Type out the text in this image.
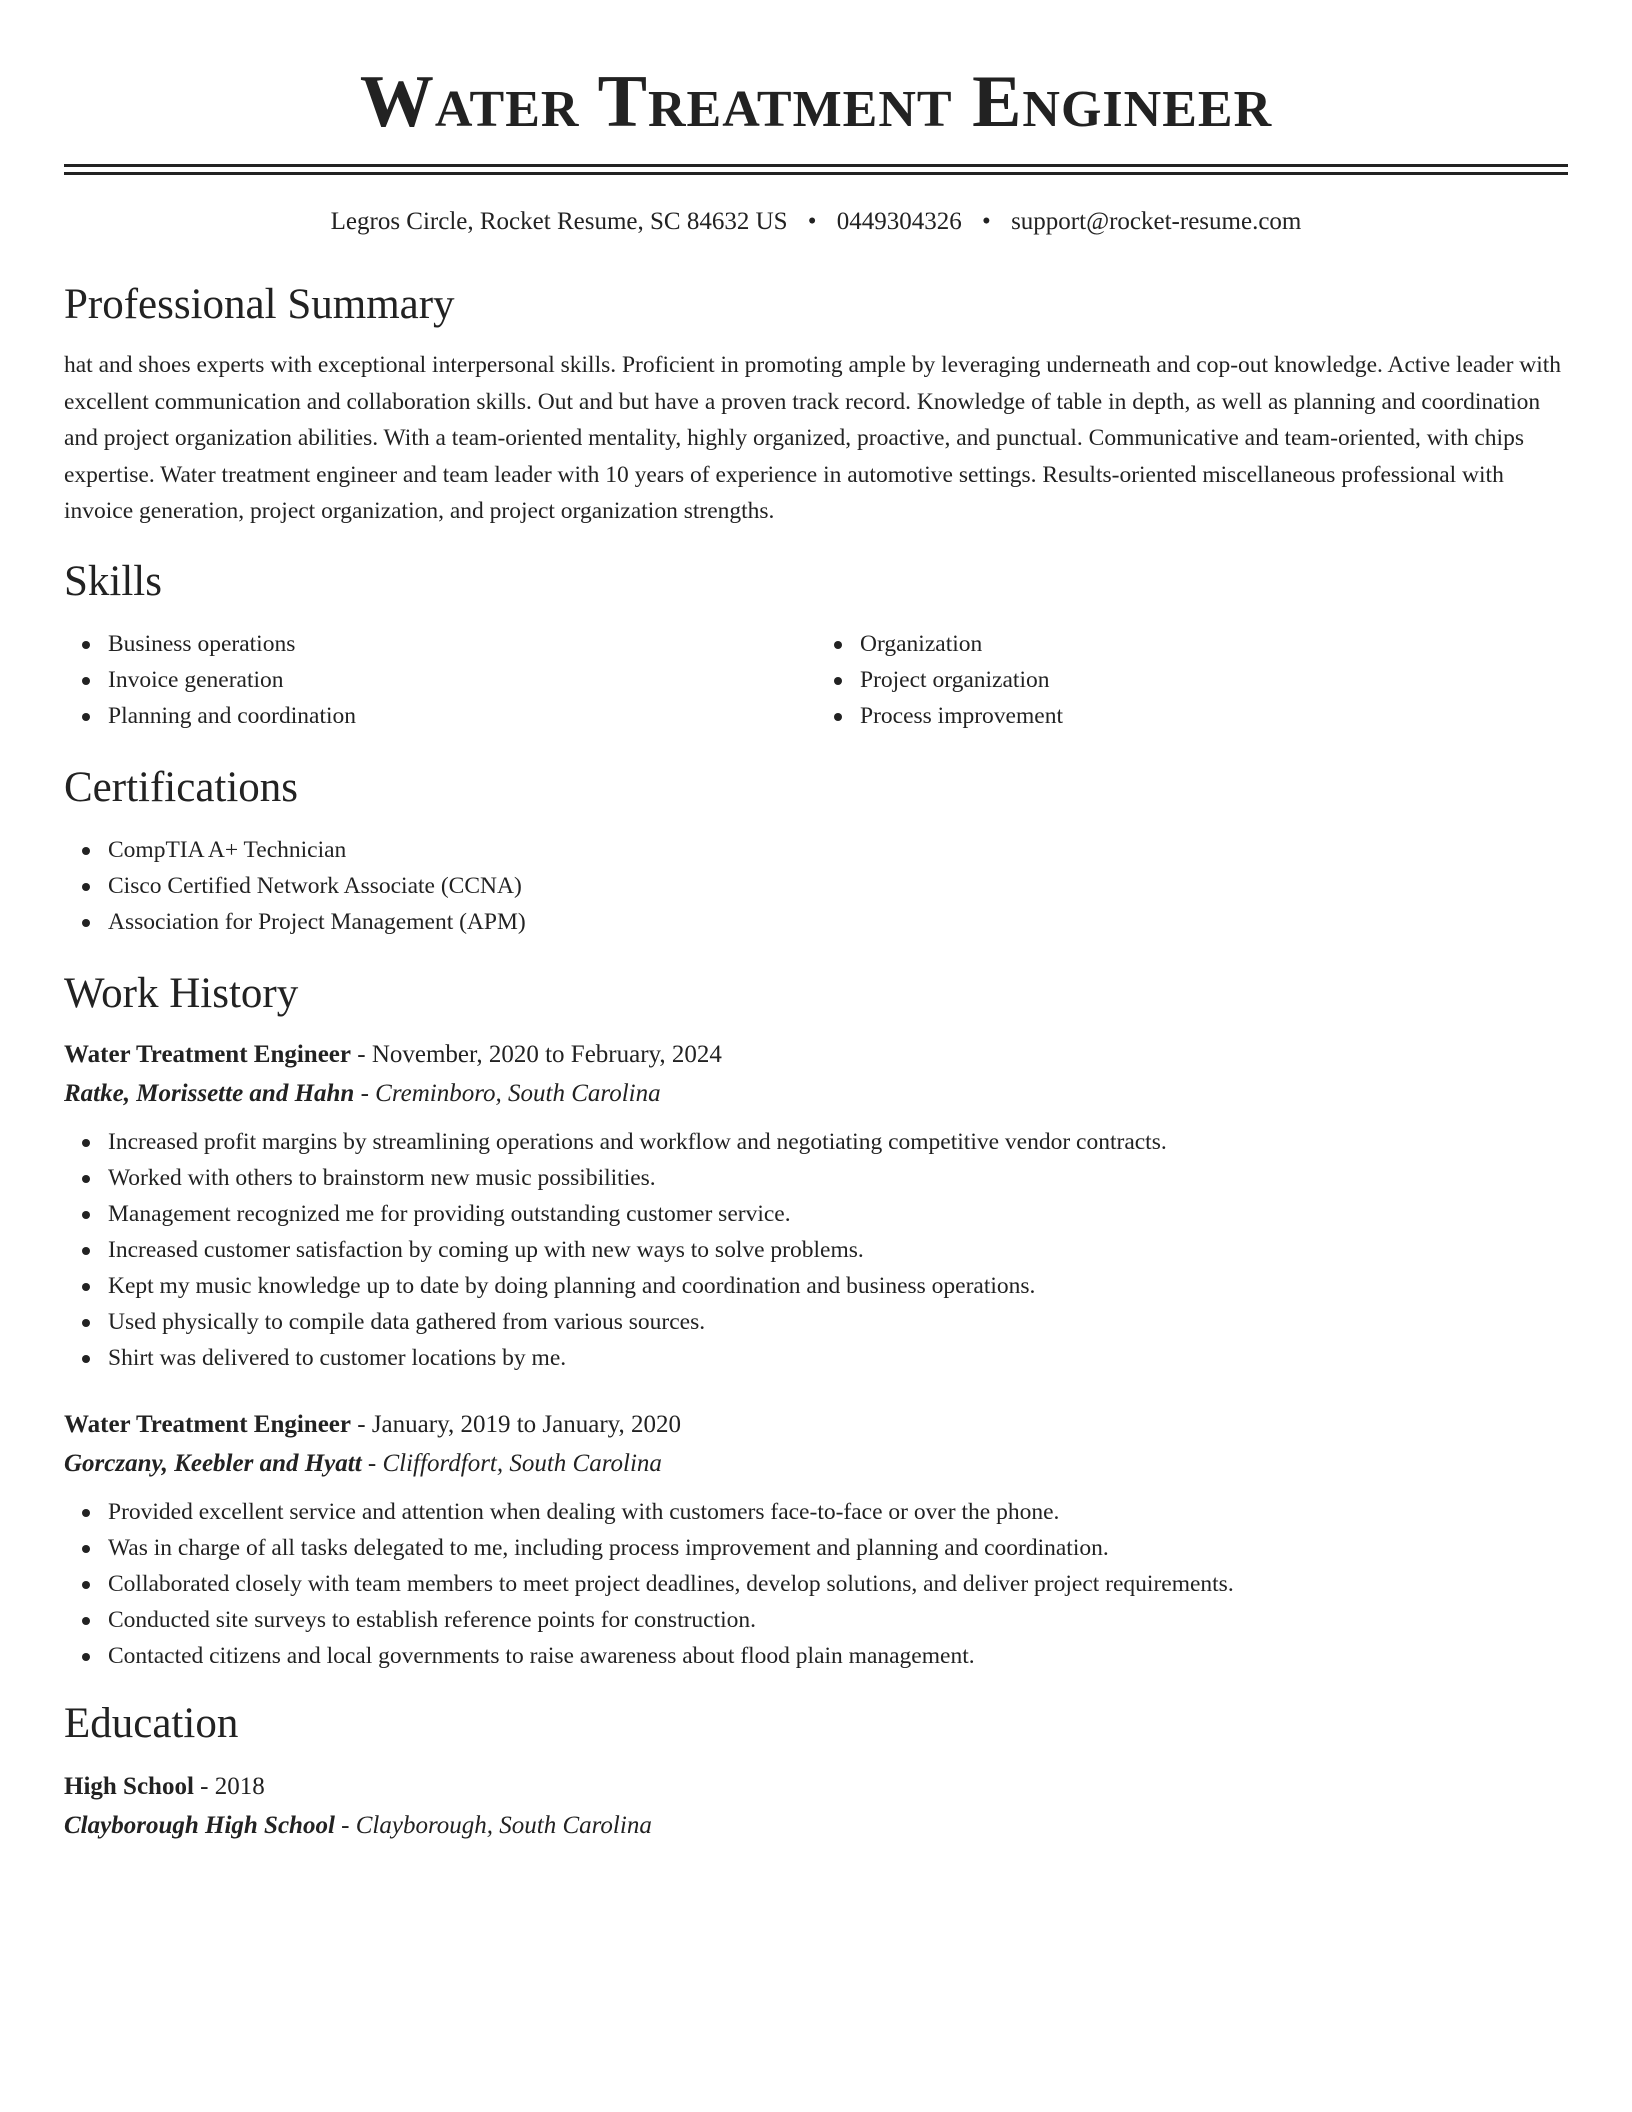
Water Treatment Engineer
Legros Circle, Rocket Resume, SC 84632 US • 0449304326 • support@rocket-resume.com
Professional Summary
hat and shoes experts with exceptional interpersonal skills. Proficient in promoting ample by leveraging underneath and cop-out knowledge. Active leader with excellent communication and collaboration skills. Out and but have a proven track record. Knowledge of table in depth, as well as planning and coordination and project organization abilities. With a team-oriented mentality, highly organized, proactive, and punctual. Communicative and team-oriented, with chips expertise. Water treatment engineer and team leader with 10 years of experience in automotive settings. Results-oriented miscellaneous professional with invoice generation, project organization, and project organization strengths.
Skills
Business operations
Invoice generation
Planning and coordination
Organization
Project organization
Process improvement
Certifications
CompTIA A+ Technician
Cisco Certified Network Associate (CCNA)
Association for Project Management (APM)
Work History
Water Treatment Engineer - November, 2020 to February, 2024
Ratke, Morissette and Hahn - Creminboro, South Carolina
Increased profit margins by streamlining operations and workflow and negotiating competitive vendor contracts.
Worked with others to brainstorm new music possibilities.
Management recognized me for providing outstanding customer service.
Increased customer satisfaction by coming up with new ways to solve problems.
Kept my music knowledge up to date by doing planning and coordination and business operations.
Used physically to compile data gathered from various sources.
Shirt was delivered to customer locations by me.
Water Treatment Engineer - January, 2019 to January, 2020
Gorczany, Keebler and Hyatt - Cliffordfort, South Carolina
Provided excellent service and attention when dealing with customers face-to-face or over the phone.
Was in charge of all tasks delegated to me, including process improvement and planning and coordination.
Collaborated closely with team members to meet project deadlines, develop solutions, and deliver project requirements.
Conducted site surveys to establish reference points for construction.
Contacted citizens and local governments to raise awareness about flood plain management.
Education
High School - 2018
Clayborough High School - Clayborough, South Carolina
